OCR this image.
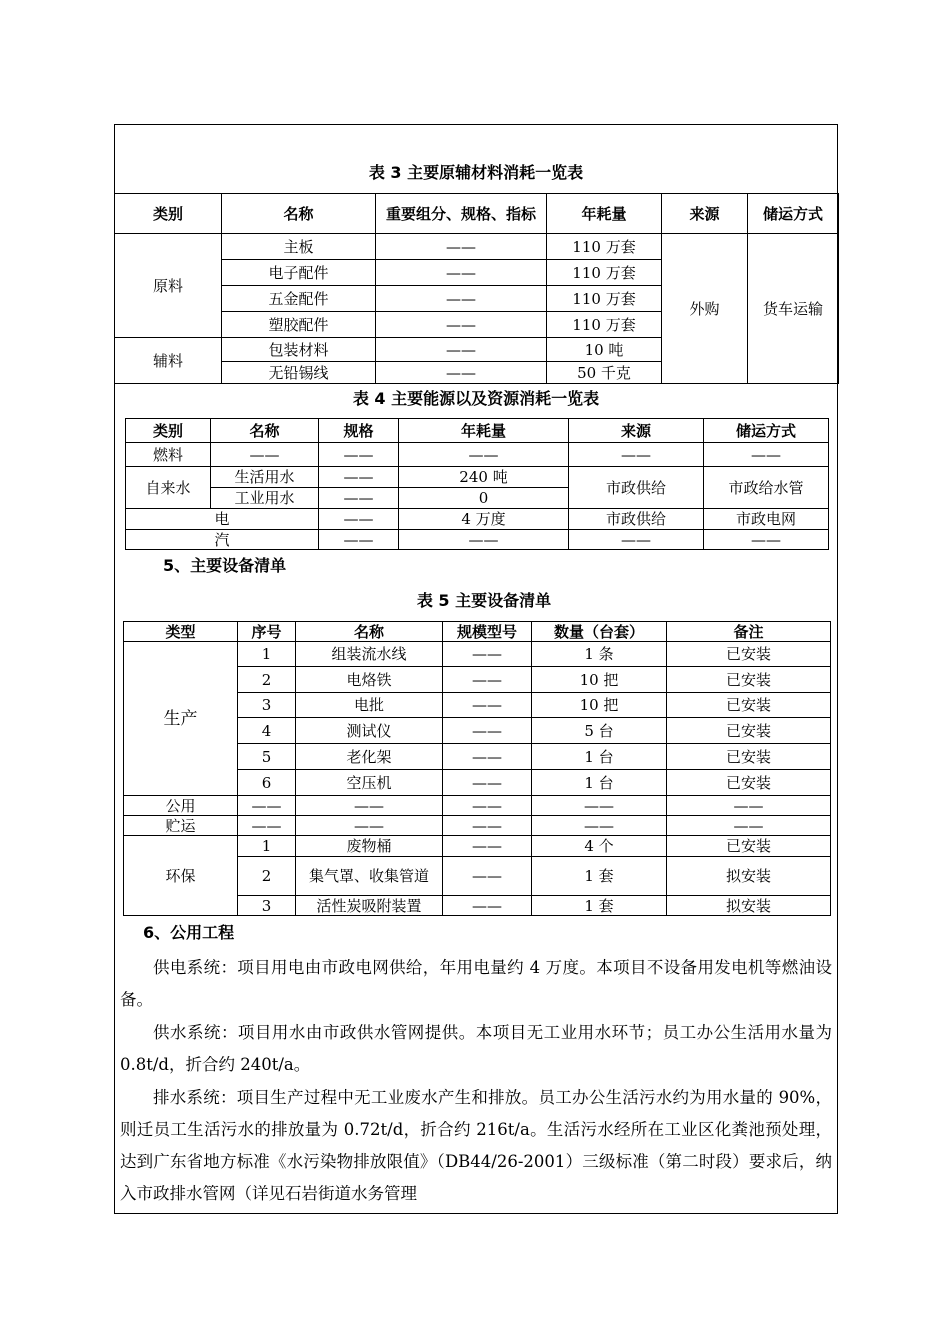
表 3 主要原辅材料消耗一览表
类别	名称	重要组分、规格、指标	年耗量	来源	储运方式
原料	主板	——	110 万套	外购	货车运输
	电子配件	——	110 万套		
	五金配件	——	110 万套		
	塑胶配件	——	110 万套		
辅料	包装材料	——	10 吨		
	无铅锡线	——	50 千克		
表 4 主要能源以及资源消耗一览表
类别	名称	规格	年耗量	来源	储运方式
燃料	——	——	——	——	——
自来水	生活用水	——	240 吨	市政供给	市政给水管
	工业用水	——	0		
电		——	4 万度	市政供给	市政电网
汽		——	——	——	——
5、主要设备清单
表 5 主要设备清单
类型	序号	名称	规模型号	数量（台套）	备注
生产	1	组装流水线	——	1 条	已安装
	2	电烙铁	——	10 把	已安装
	3	电批	——	10 把	已安装
	4	测试仪	——	5 台	已安装
	5	老化架	——	1 台	已安装
	6	空压机	——	1 台	已安装
公用	——	——	——	——	——
贮运	——	——	——	——	——
环保	1	废物桶	——	4 个	已安装
	2	集气罩、收集管道	——	1 套	拟安装
	3	活性炭吸附装置	——	1 套	拟安装
6、公用工程

供电系统：项目用电由市政电网供给，年用电量约 4 万度。本项目不设备用发电机等燃油设备。

供水系统：项目用水由市政供水管网提供。本项目无工业用水环节；员工办公生活用水量为 0.8t/d，折合约 240t/a。

排水系统：项目生产过程中无工业废水产生和排放。员工办公生活污水约为用水量的 90%，则迁员工生活污水的排放量为 0.72t/d，折合约 216t/a。生活污水经所在工业区化粪池预处理，达到广东省地方标准《水污染物排放限值》（DB44/26-2001）三级标准（第二时段）要求后，纳入市政排水管网（详见石岩街道水务管理
